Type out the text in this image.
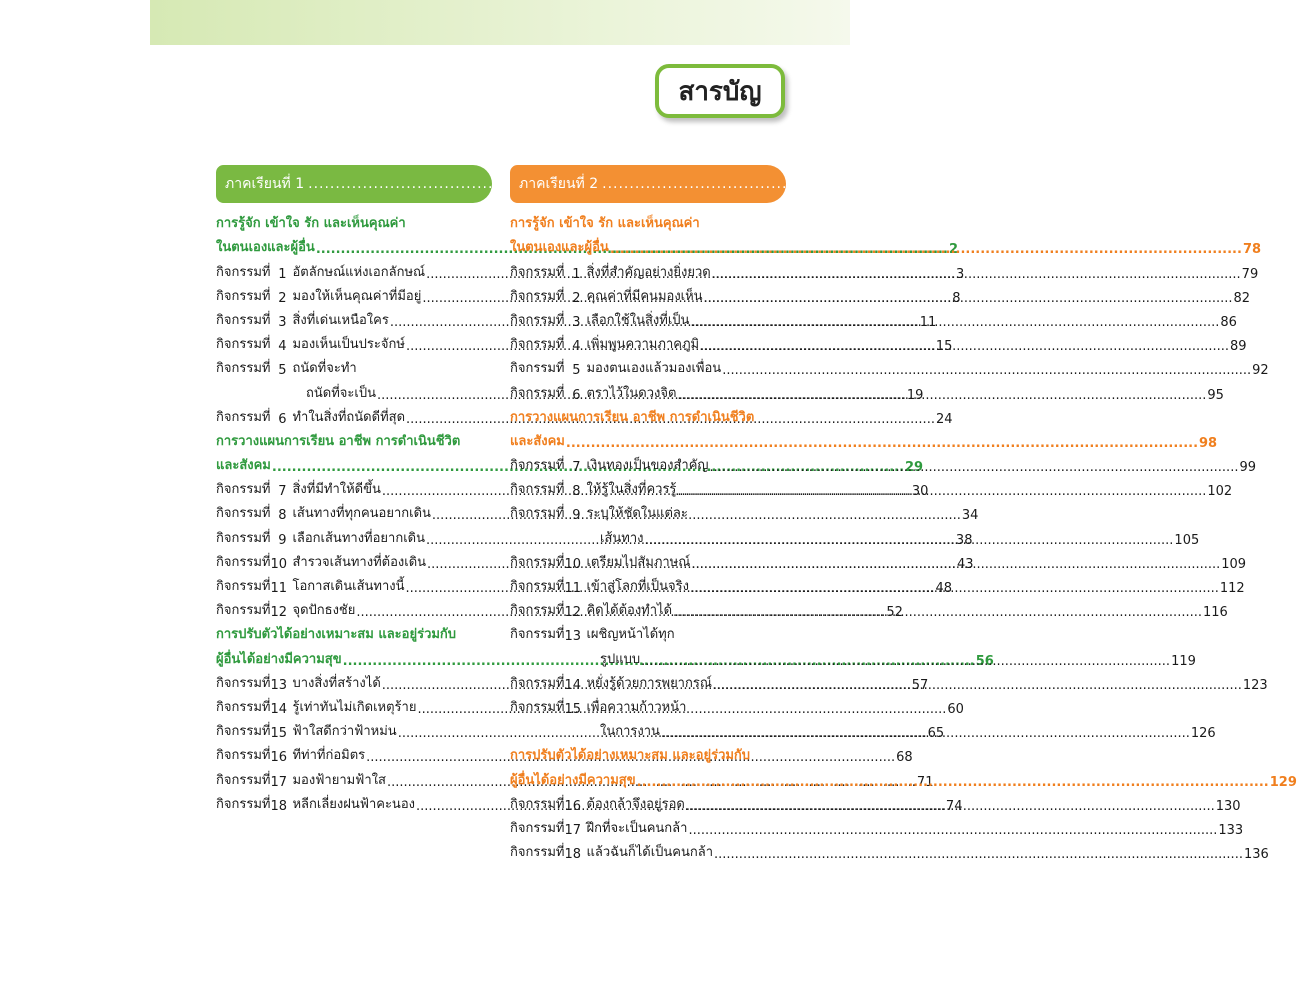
สารบัญ
ภาคเรียนที่ 1 .....	1
การรู้จัก เข้าใจ รัก และเห็นคุณค่า
ในตนเองและผู้อื่น .....	2
กิจกรรมที่ 1 อัตลักษณ์แห่งเอกลักษณ์ .....	3
กิจกรรมที่ 2 มองให้เห็นคุณค่าที่มีอยู่ .....	8
กิจกรรมที่ 3 สิ่งที่เด่นเหนือใคร .....	11
กิจกรรมที่ 4 มองเห็นเป็นประจักษ์ .....	15
กิจกรรมที่ 5 ถนัดที่จะทำ
ถนัดที่จะเป็น .....	19
กิจกรรมที่ 6 ทำในสิ่งที่ถนัดดีที่สุด .....	24
การวางแผนการเรียน อาชีพ การดำเนินชีวิต
และสังคม .....	29
กิจกรรมที่ 7 สิ่งที่มีทำให้ดีขึ้น .....	30
กิจกรรมที่ 8 เส้นทางที่ทุกคนอยากเดิน .....	34
กิจกรรมที่ 9 เลือกเส้นทางที่อยากเดิน .....	38
กิจกรรมที่ 10 สำรวจเส้นทางที่ต้องเดิน .....	43
กิจกรรมที่ 11 โอกาสเดินเส้นทางนี้ .....	48
กิจกรรมที่ 12 จุดปักธงชัย .....	52
การปรับตัวได้อย่างเหมาะสม และอยู่ร่วมกับ
ผู้อื่นได้อย่างมีความสุข .....	56
กิจกรรมที่ 13 บางสิ่งที่สร้างได้ .....	57
กิจกรรมที่ 14 รู้เท่าทันไม่เกิดเหตุร้าย .....	60
กิจกรรมที่ 15 ฟ้าใสดีกว่าฟ้าหม่น .....	65
กิจกรรมที่ 16 ทีท่าที่ก่อมิตร .....	68
กิจกรรมที่ 17 มองฟ้ายามฟ้าใส .....	71
กิจกรรมที่ 18 หลีกเลี่ยงฝนฟ้าคะนอง .....	74
ภาคเรียนที่ 2 .....	77
การรู้จัก เข้าใจ รัก และเห็นคุณค่า
ในตนเองและผู้อื่น .....	78
กิจกรรมที่ 1 สิ่งที่สำคัญอย่างยิ่งยวด .....	79
กิจกรรมที่ 2 คุณค่าที่มีคนมองเห็น .....	82
กิจกรรมที่ 3 เลือกใช้ในสิ่งที่เป็น .....	86
กิจกรรมที่ 4 เพิ่มพูนความภาคภูมิ .....	89
กิจกรรมที่ 5 มองตนเองแล้วมองเพื่อน .....	92
กิจกรรมที่ 6 ตราไว้ในดวงจิต .....	95
การวางแผนการเรียน อาชีพ การดำเนินชีวิต
และสังคม .....	98
กิจกรรมที่ 7 เงินทองเป็นของสำคัญ .....	99
กิจกรรมที่ 8 ให้รู้ในสิ่งที่ควรรู้ .....	102
กิจกรรมที่ 9 ระบุให้ชัดในแต่ละ
เส้นทาง .....	105
กิจกรรมที่ 10 เตรียมไปสัมภาษณ์ .....	109
กิจกรรมที่ 11 เข้าสู่โลกที่เป็นจริง .....	112
กิจกรรมที่ 12 คิดได้ต้องทำได้ .....	116
กิจกรรมที่ 13 เผชิญหน้าได้ทุก
รูปแบบ .....	119
กิจกรรมที่ 14 หยั่งรู้ด้วยการพยากรณ์ .....	123
กิจกรรมที่ 15 เพื่อความก้าวหน้า
ในการงาน .....	126
การปรับตัวได้อย่างเหมาะสม และอยู่ร่วมกับ
ผู้อื่นได้อย่างมีความสุข .....	129
กิจกรรมที่ 16 ต้องกล้าจึงอยู่รอด .....	130
กิจกรรมที่ 17 ฝึกที่จะเป็นคนกล้า .....	133
กิจกรรมที่ 18 แล้วฉันก็ได้เป็นคนกล้า .....	136
